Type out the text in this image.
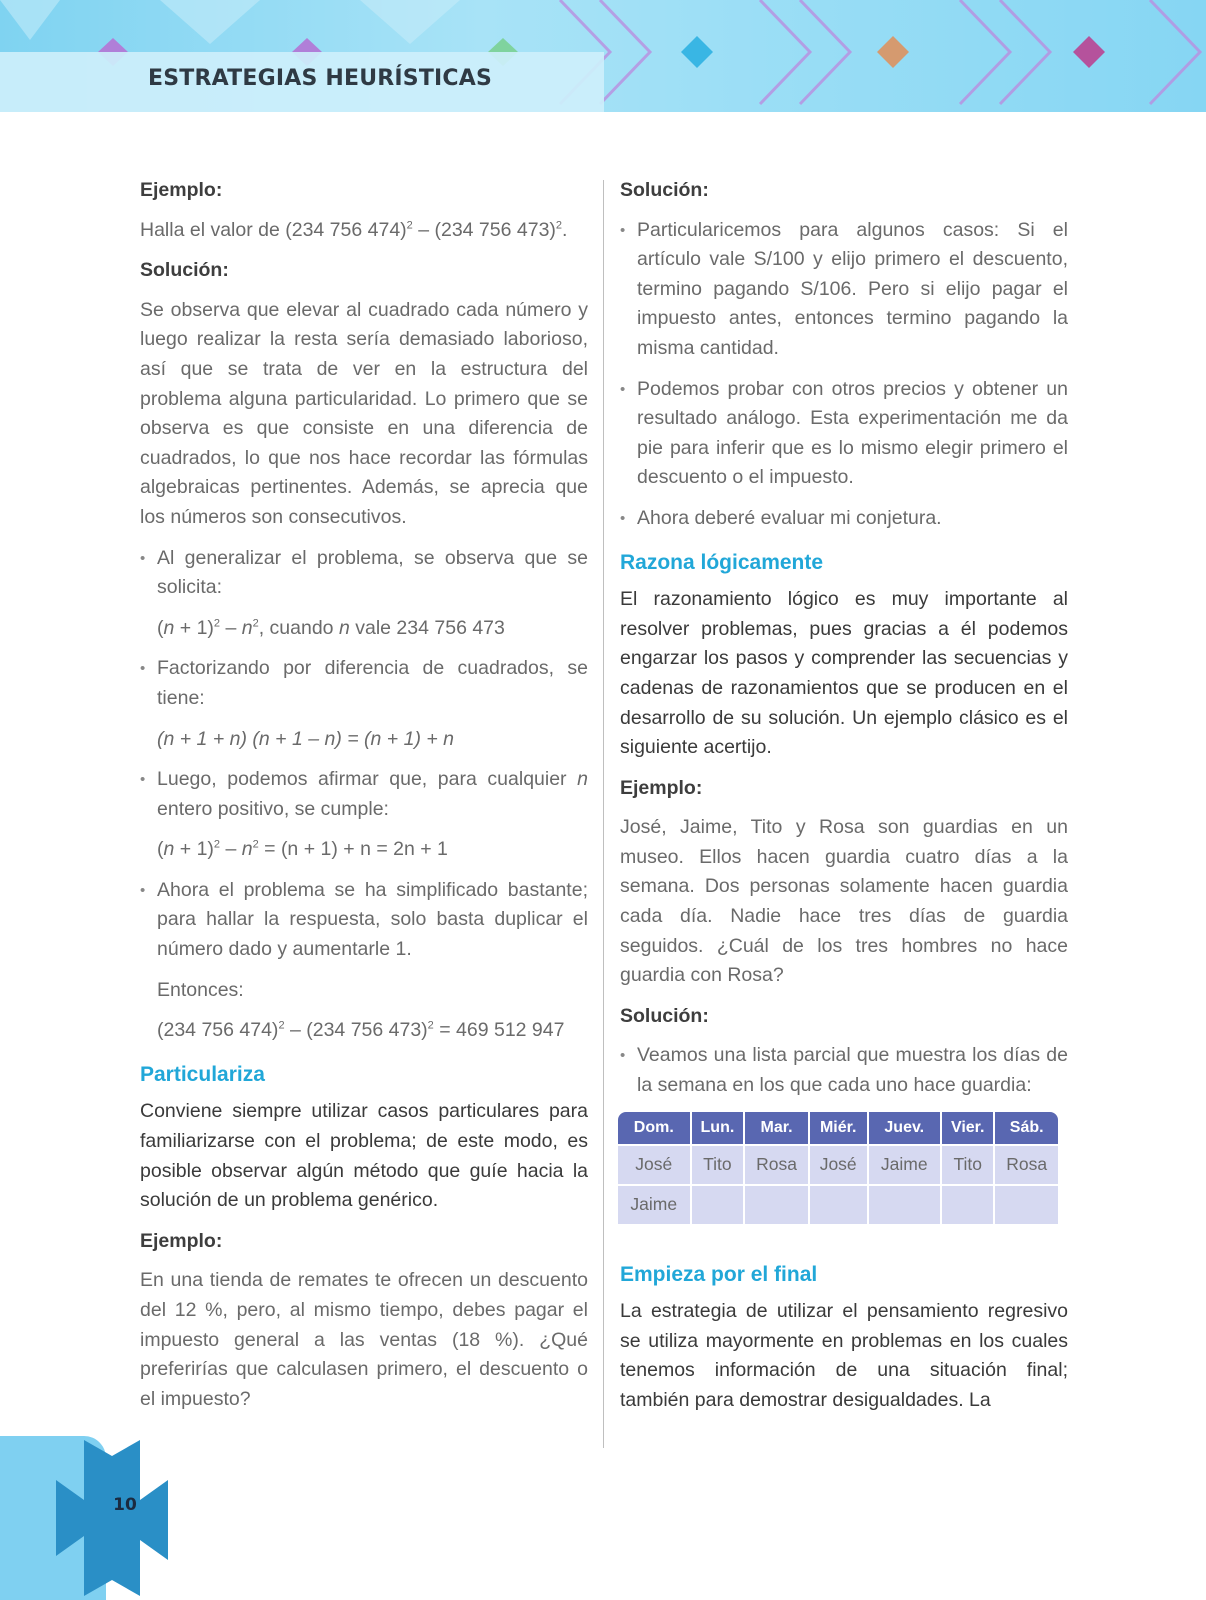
ESTRATEGIAS HEURÍSTICAS

Ejemplo:

Halla el valor de (234 756 474)$^2$ – (234 756 473)$^2$.

Solución:

Se observa que elevar al cuadrado cada número y luego realizar la resta sería demasiado laborioso, así que se trata de ver en la estructura del problema alguna particularidad. Lo primero que se observa es que consiste en una diferencia de cuadrados, lo que nos hace recordar las fórmulas algebraicas pertinentes. Además, se aprecia que los números son consecutivos.

• Al generalizar el problema, se observa que se solicita:

$(n + 1)^2 - n^2$, cuando n vale 234 756 473

• Factorizando por diferencia de cuadrados, se tiene:

(n + 1 + n) (n + 1 – n) = (n + 1) + n

• Luego, podemos afirmar que, para cualquier n entero positivo, se cumple:

$(n + 1)^2 - n^2 = (n + 1) + n = 2n + 1$

• Ahora el problema se ha simplificado bastante; para hallar la respuesta, solo basta duplicar el número dado y aumentarle 1.

Entonces:

(234 756 474)$^2$ – (234 756 473)$^2$ = 469 512 947

Particulariza

Conviene siempre utilizar casos particulares para familiarizarse con el problema; de este modo, es posible observar algún método que guíe hacia la solución de un problema genérico.

Ejemplo:

En una tienda de remates te ofrecen un descuento del 12 %, pero, al mismo tiempo, debes pagar el impuesto general a las ventas (18 %). ¿Qué preferirías que calculasen primero, el descuento o el impuesto?

Solución:

• Particularicemos para algunos casos: Si el artículo vale S/100 y elijo primero el descuento, termino pagando S/106. Pero si elijo pagar el impuesto antes, entonces termino pagando la misma cantidad.
• Podemos probar con otros precios y obtener un resultado análogo. Esta experimentación me da pie para inferir que es lo mismo elegir primero el descuento o el impuesto.
• Ahora deberé evaluar mi conjetura.

Razona lógicamente

El razonamiento lógico es muy importante al resolver problemas, pues gracias a él podemos engarzar los pasos y comprender las secuencias y cadenas de razonamientos que se producen en el desarrollo de su solución. Un ejemplo clásico es el siguiente acertijo.

Ejemplo:

José, Jaime, Tito y Rosa son guardias en un museo. Ellos hacen guardia cuatro días a la semana. Dos personas solamente hacen guardia cada día. Nadie hace tres días de guardia seguidos. ¿Cuál de los tres hombres no hace guardia con Rosa?

Solución:

• Veamos una lista parcial que muestra los días de la semana en los que cada uno hace guardia:
Dom.	Lun.	Mar.	Miér.	Juev.	Vier.	Sáb.
José	Tito	Rosa	José	Jaime	Tito	Rosa
Jaime						

Empieza por el final

La estrategia de utilizar el pensamiento regresivo se utiliza mayormente en problemas en los cuales tenemos información de una situación final; también para demostrar desigualdades. La

10
